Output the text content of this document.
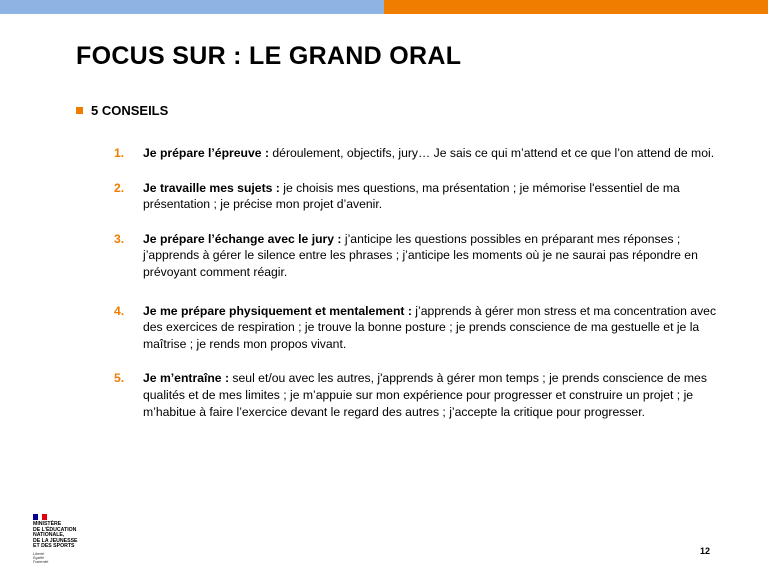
FOCUS SUR : LE GRAND ORAL
5 CONSEILS
1.	Je prépare l’épreuve : déroulement, objectifs, jury… Je sais ce qui m’attend et ce que l’on attend de moi.
2.	Je travaille mes sujets : je choisis mes questions, ma présentation ; je mémorise l'essentiel de ma présentation ; je précise mon projet d’avenir.
3.	Je prépare l’échange avec le jury : j’anticipe les questions possibles en préparant mes réponses ; j’apprends à gérer le silence entre les phrases ; j’anticipe les moments où je ne saurai pas répondre en prévoyant comment réagir.
4.	Je me prépare physiquement et mentalement : j’apprends à gérer mon stress et ma concentration avec des exercices de respiration ; je trouve la bonne posture ; je prends conscience de ma gestuelle et je la maîtrise ; je rends mon propos vivant.
5.	Je m’entraîne : seul et/ou avec les autres, j'apprends à gérer mon temps ; je prends conscience de mes qualités et de mes limites ; je m’appuie sur mon expérience pour progresser et construire un projet ; je m’habitue à faire l’exercice devant le regard des autres ; j’accepte la critique pour progresser.
MINISTÈRE
DE L’ÉDUCATION
NATIONALE,
DE LA JEUNESSE
ET DES SPORTS
Liberté
Égalité
Fraternité
12
